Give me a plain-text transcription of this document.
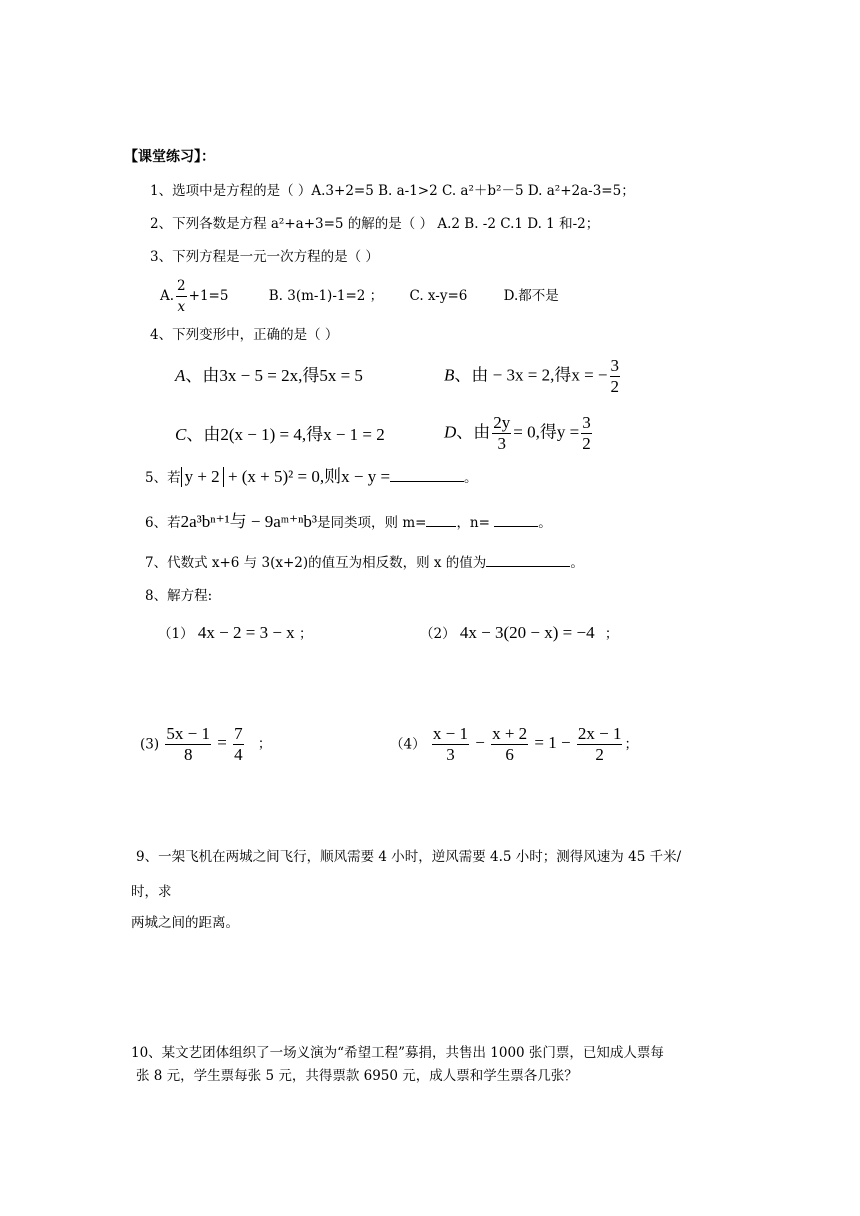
【课堂练习】：
1、选项中是方程的是（ ）A.3+2=5 B. a-1>2 C. a²＋b²－5 D. a²+2a-3=5；
2、下列各数是方程 a²+a+3=5 的解的是（ ） A.2 B. -2 C.1 D. 1 和-2；
3、下列方程是一元一次方程的是（ ）
A. $\frac{2}{x} +1=5$	B. 3(m-1)-1=2 ； C. x-y=6	D.都不是
4、下列变形中，正确的是（ ）
A、由3x − 5 = 2x,得5x = 5	B、由 − 3x = 2,得x = − $\frac{3}{2}$
C、由2(x − 1) = 4,得x − 1 = 2	D、由 $\frac{2y}{3} = 0$,得$y = \frac{3}{2}$
5、若 y + 2 + (x + 5)² = 0,则x − y =	。
6、若2a³bⁿ⁺¹与 − 9aᵐ⁺ⁿb³是同类项，则 m= ，n=	。
7、代数式 x+6 与 3(x+2)的值互为相反数，则 x 的值为	。
8、解方程:
（1） 4x − 2 = 3 − x ；	（2） 4x − 3(20 − x) = −4 ；
$(3) \frac{5x - 1}{8} = \frac{7}{4}$ ；	$(4) \frac{x - 1}{3} - \frac{x + 2}{6} = 1 - \frac{2x - 1}{2}$ ；
9、一架飞机在两城之间飞行，顺风需要 4 小时，逆风需要 4.5 小时；测得风速为 45 千米/
时，求
两城之间的距离。
10、某文艺团体组织了一场义演为“希望工程”募捐，共售出 1000 张门票，已知成人票每
张 8 元，学生票每张 5 元，共得票款 6950 元，成人票和学生票各几张？
